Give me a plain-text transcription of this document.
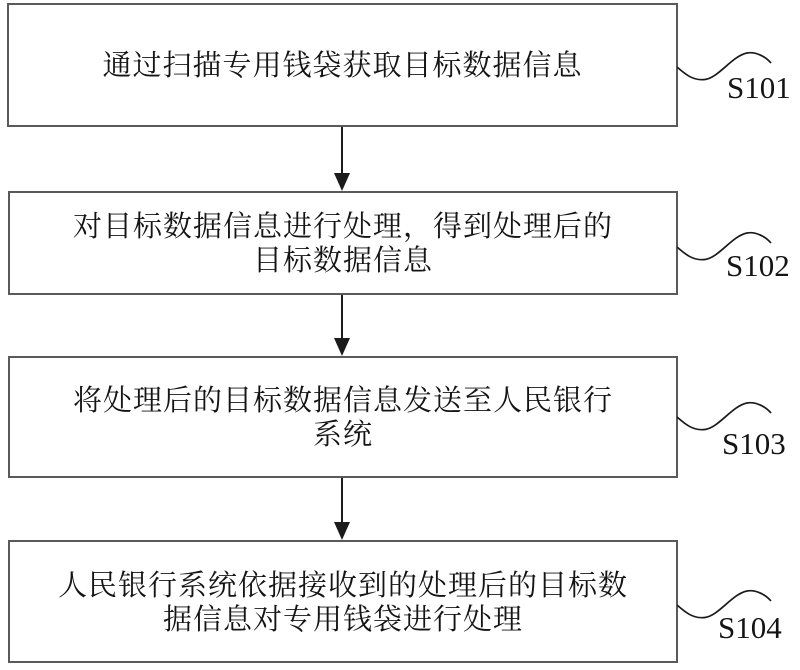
通过扫描专用钱袋获取目标数据信息
S101
对目标数据信息进行处理，得到处理后的
目标数据信息	S102
将处理后的目标数据信息发送至人民银行
系统	S103
人民银行系统依据接收到的处理后的目标数
据信息对专用钱袋进行处理	S104
